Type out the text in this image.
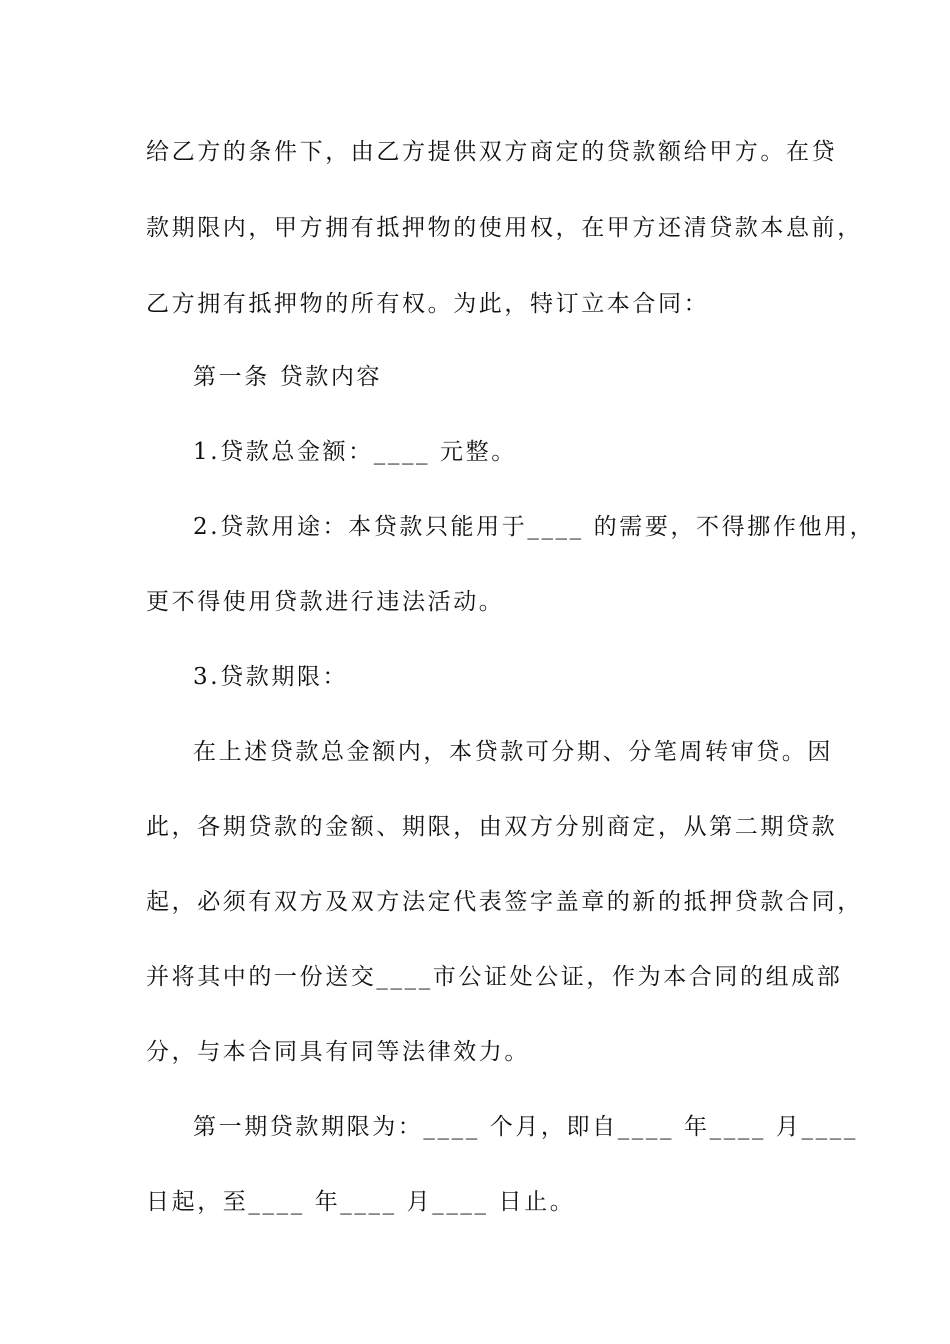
给乙方的条件下，由乙方提供双方商定的贷款额给甲方。在贷
款期限内，甲方拥有抵押物的使用权，在甲方还清贷款本息前，
乙方拥有抵押物的所有权。为此，特订立本合同：
第一条 贷款内容
1.贷款总金额：____ 元整。
2.贷款用途：本贷款只能用于____ 的需要，不得挪作他用，
更不得使用贷款进行违法活动。
3.贷款期限：
在上述贷款总金额内，本贷款可分期、分笔周转审贷。因
此，各期贷款的金额、期限，由双方分别商定，从第二期贷款
起，必须有双方及双方法定代表签字盖章的新的抵押贷款合同，
并将其中的一份送交____市公证处公证，作为本合同的组成部
分，与本合同具有同等法律效力。
第一期贷款期限为：____ 个月，即自____ 年____ 月____
日起，至____ 年____ 月____ 日止。
